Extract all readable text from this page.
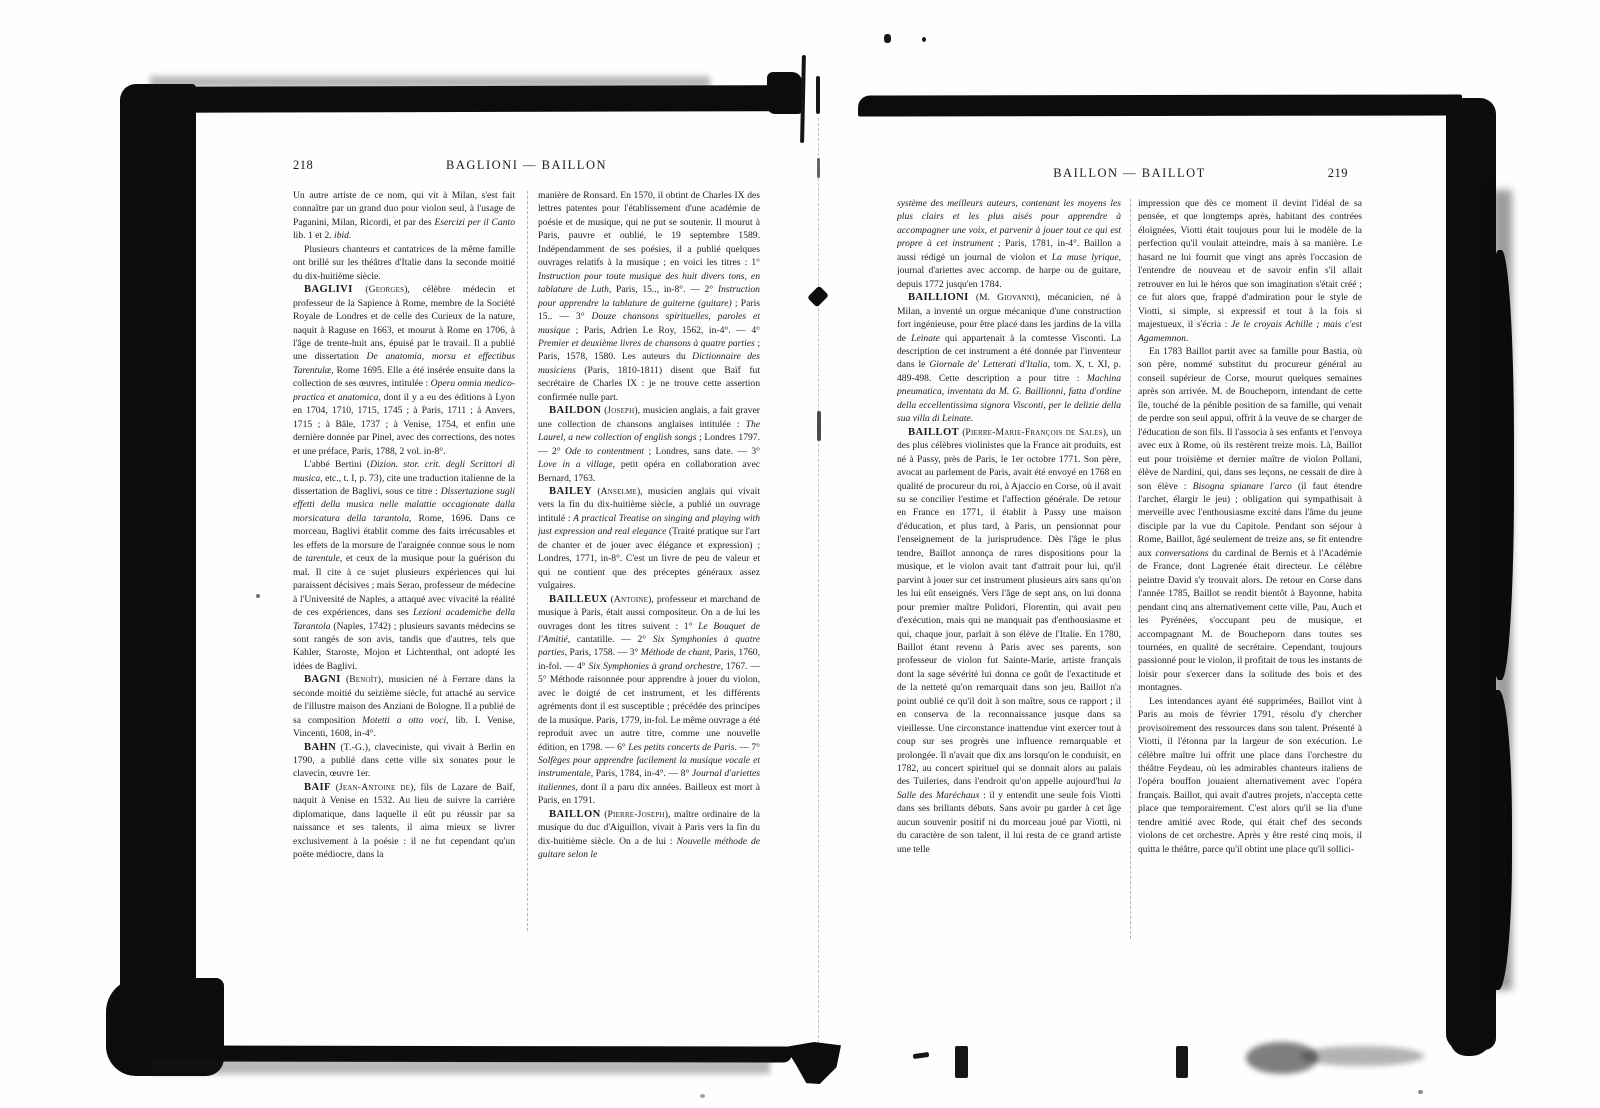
218	BAGLIONI — BAILLON

Un autre artiste de ce nom, qui vit à Milan, s'est fait connaître par un grand duo pour violon seul, à l'usage de Paganini, Milan, Ricordi, et par des Esercizi per il Canto lib. 1 et 2. ibid.

Plusieurs chanteurs et cantatrices de la même famille ont brillé sur les théâtres d'Italie dans la seconde moitié du dix-huitième siècle.

BAGLIVI (Georges), célèbre médecin et professeur de la Sapience à Rome, membre de la Société Royale de Londres et de celle des Curieux de la nature, naquit à Raguse en 1663, et mourut à Rome en 1706, à l'âge de trente-huit ans, épuisé par le travail. Il a publié une dissertation De anatomia, morsu et effectibus Tarentulæ, Rome 1695. Elle a été insérée ensuite dans la collection de ses œuvres, intitulée : Opera omnia medico-practica et anatomica, dont il y a eu des éditions à Lyon en 1704, 1710, 1715, 1745 ; à Paris, 1711 ; à Anvers, 1715 ; à Bâle, 1737 ; à Venise, 1754, et enfin une dernière donnée par Pinel, avec des corrections, des notes et une préface, Paris, 1788, 2 vol. in-8°.

L'abbé Bertini (Dizion. stor. crit. degli Scrittori di musica, etc., t. I, p. 73), cite une traduction italienne de la dissertation de Baglivi, sous ce titre : Dissertazione sugli effetti della musica nelle malattie occagionate dalla morsicatura della tarantola, Rome, 1696. Dans ce morceau, Baglivi établit comme des faits irrécusables et les effets de la morsure de l'araignée connue sous le nom de tarentule, et ceux de la musique pour la guérison du mal. Il cite à ce sujet plusieurs expériences qui lui paraissent décisives ; mais Serao, professeur de médecine à l'Université de Naples, a attaqué avec vivacité la réalité de ces expériences, dans ses Lezioni academiche della Tarantola (Naples, 1742) ; plusieurs savants médecins se sont rangés de son avis, tandis que d'autres, tels que Kahler, Staroste, Mojon et Lichtenthal, ont adopté les idées de Baglivi.

BAGNI (Benoît), musicien né à Ferrare dans la seconde moitié du seizième siècle, fut attaché au service de l'illustre maison des Anziani de Bologne. Il a publié de sa composition Motetti a otto voci, lib. I. Venise, Vincenti, 1608, in-4°.

BAHN (T.-G.), claveciniste, qui vivait à Berlin en 1790, a publié dans cette ville six sonates pour le clavecin, œuvre 1er.

BAIF (Jean-Antoine de), fils de Lazare de Baïf, naquit à Venise en 1532. Au lieu de suivre la carrière diplomatique, dans laquelle il eût pu réussir par sa naissance et ses talents, il aima mieux se livrer exclusivement à la poésie : il ne fut cependant qu'un poëte médiocre, dans la

manière de Ronsard. En 1570, il obtint de Charles IX des lettres patentes pour l'établissement d'une académie de poésie et de musique, qui ne put se soutenir. Il mourut à Paris, pauvre et oublié, le 19 septembre 1589. Indépendamment de ses poésies, il a publié quelques ouvrages relatifs à la musique ; en voici les titres : 1° Instruction pour toute musique des huit divers tons, en tablature de Luth, Paris, 15.., in-8°. — 2° Instruction pour apprendre la tablature de guiterne (guitare) ; Paris 15.. — 3° Douze chansons spirituelles, paroles et musique ; Paris, Adrien Le Roy, 1562, in-4°. — 4° Premier et deuxième livres de chansons à quatre parties ; Paris, 1578, 1580. Les auteurs du Dictionnaire des musiciens (Paris, 1810-1811) disent que Baïf fut secrétaire de Charles IX : je ne trouve cette assertion confirmée nulle part.

BAILDON (Joseph), musicien anglais, a fait graver une collection de chansons anglaises intitulée : The Laurel, a new collection of english songs ; Londres 1797. — 2° Ode to contentment ; Londres, sans date. — 3° Love in a village, petit opéra en collaboration avec Bernard, 1763.

BAILEY (Anselme), musicien anglais qui vivait vers la fin du dix-huitième siècle, a publié un ouvrage intitulé : A practical Treatise on singing and playing with just expression and real elegance (Traité pratique sur l'art de chanter et de jouer avec élégance et expression) ; Londres, 1771, in-8°. C'est un livre de peu de valeur et qui ne contient que des préceptes généraux assez vulgaires.

BAILLEUX (Antoine), professeur et marchand de musique à Paris, était aussi compositeur. On a de lui les ouvrages dont les titres suivent : 1° Le Bouquet de l'Amitié, cantatille. — 2° Six Symphonies à quatre parties, Paris, 1758. — 3° Méthode de chant, Paris, 1760, in-fol. — 4° Six Symphonies à grand orchestre, 1767. — 5° Méthode raisonnée pour apprendre à jouer du violon, avec le doigté de cet instrument, et les différents agréments dont il est susceptible ; précédée des principes de la musique. Paris, 1779, in-fol. Le même ouvrage a été reproduit avec un autre titre, comme une nouvelle édition, en 1798. — 6° Les petits concerts de Paris. — 7° Solfèges pour apprendre facilement la musique vocale et instrumentale, Paris, 1784, in-4°. — 8° Journal d'ariettes italiennes, dont il a paru dix années. Bailleux est mort à Paris, en 1791.

BAILLON (Pierre-Joseph), maître ordinaire de la musique du duc d'Aiguillon, vivait à Paris vers la fin du dix-huitième siècle. On a de lui : Nouvelle méthode de guitare selon le

BAILLON — BAILLOT	219

système des meilleurs auteurs, contenant les moyens les plus clairs et les plus aisés pour apprendre à accompagner une voix, et parvenir à jouer tout ce qui est propre à cet instrument ; Paris, 1781, in-4°. Baillon a aussi rédigé un journal de violon et La muse lyrique, journal d'ariettes avec accomp. de harpe ou de guitare, depuis 1772 jusqu'en 1784.

BAILLIONI (M. Giovanni), mécanicien, né à Milan, a inventé un orgue mécanique d'une construction fort ingénieuse, pour être placé dans les jardins de la villa de Leinate qui appartenait à la comtesse Visconti. La description de cet instrument a été donnée par l'inventeur dans le Giornale de' Letterati d'Italia, tom. X, t. XI, p. 489-498. Cette description a pour titre : Machina pneumatica, inventata da M. G. Baillionni, fatta d'ordine della eccellentissima signora Visconti, per le delizie della sua villa di Leinate.

BAILLOT (Pierre-Marie-François de Sales), un des plus célèbres violinistes que la France ait produits, est né à Passy, près de Paris, le 1er octobre 1771. Son père, avocat au parlement de Paris, avait été envoyé en 1768 en qualité de procureur du roi, à Ajaccio en Corse, où il avait su se concilier l'estime et l'affection générale. De retour en France en 1771, il établit à Passy une maison d'éducation, et plus tard, à Paris, un pensionnat pour l'enseignement de la jurisprudence. Dès l'âge le plus tendre, Baillot annonça de rares dispositions pour la musique, et le violon avait tant d'attrait pour lui, qu'il parvint à jouer sur cet instrument plusieurs airs sans qu'on les lui eût enseignés. Vers l'âge de sept ans, on lui donna pour premier maître Polidori, Florentin, qui avait peu d'exécution, mais qui ne manquait pas d'enthousiasme et qui, chaque jour, parlait à son élève de l'Italie. En 1780, Baillot étant revenu à Paris avec ses parents, son professeur de violon fut Sainte-Marie, artiste français dont la sage sévérité lui donna ce goût de l'exactitude et de la netteté qu'on remarquait dans son jeu. Baillot n'a point oublié ce qu'il doit à son maître, sous ce rapport ; il en conserva de la reconnaissance jusque dans sa vieillesse. Une circonstance inattendue vint exercer tout à coup sur ses progrès une influence remarquable et prolongée. Il n'avait que dix ans lorsqu'on le conduisit, en 1782, au concert spirituel qui se donnait alors au palais des Tuileries, dans l'endroit qu'on appelle aujourd'hui la Salle des Maréchaux : il y entendit une seule fois Viotti dans ses brillants débuts. Sans avoir pu garder à cet âge aucun souvenir positif ni du morceau joué par Viotti, ni du caractère de son talent, il lui resta de ce grand artiste une telle

impression que dès ce moment il devint l'idéal de sa pensée, et que longtemps après, habitant des contrées éloignées, Viotti était toujours pour lui le modèle de la perfection qu'il voulait atteindre, mais à sa manière. Le hasard ne lui fournit que vingt ans après l'occasion de l'entendre de nouveau et de savoir enfin s'il allait retrouver en lui le héros que son imagination s'était créé ; ce fut alors que, frappé d'admiration pour le style de Viotti, si simple, si expressif et tout à la fois si majestueux, il s'écria : Je le croyais Achille ; mais c'est Agamemnon.

En 1783 Baillot partit avec sa famille pour Bastia, où son père, nommé substitut du procureur général au conseil supérieur de Corse, mourut quelques semaines après son arrivée. M. de Boucheporn, intendant de cette île, touché de la pénible position de sa famille, qui venait de perdre son seul appui, offrit à la veuve de se charger de l'éducation de son fils. Il l'associa à ses enfants et l'envoya avec eux à Rome, où ils restèrent treize mois. Là, Baillot eut pour troisième et dernier maître de violon Pollani, élève de Nardini, qui, dans ses leçons, ne cessait de dire à son élève : Bisogna spianare l'arco (il faut étendre l'archet, élargir le jeu) ; obligation qui sympathisait à merveille avec l'enthousiasme excité dans l'âme du jeune disciple par la vue du Capitole. Pendant son séjour à Rome, Baillot, âgé seulement de treize ans, se fit entendre aux conversations du cardinal de Bernis et à l'Académie de France, dont Lagrenée était directeur. Le célèbre peintre David s'y trouvait alors. De retour en Corse dans l'année 1785, Baillot se rendit bientôt à Bayonne, habita pendant cinq ans alternativement cette ville, Pau, Auch et les Pyrénées, s'occupant peu de musique, et accompagnant M. de Boucheporn dans toutes ses tournées, en qualité de secrétaire. Cependant, toujours passionné pour le violon, il profitait de tous les instants de loisir pour s'exercer dans la solitude des bois et des montagnes.

Les intendances ayant été supprimées, Baillot vint à Paris au mois de février 1791, résolu d'y chercher provisoirement des ressources dans son talent. Présenté à Viotti, il l'étonna par la largeur de son exécution. Le célèbre maître lui offrit une place dans l'orchestre du théâtre Feydeau, où les admirables chanteurs italiens de l'opéra bouffon jouaient alternativement avec l'opéra français. Baillot, qui avait d'autres projets, n'accepta cette place que temporairement. C'est alors qu'il se lia d'une tendre amitié avec Rode, qui était chef des seconds violons de cet orchestre. Après y être resté cinq mois, il quitta le théâtre, parce qu'il obtint une place qu'il sollici-
